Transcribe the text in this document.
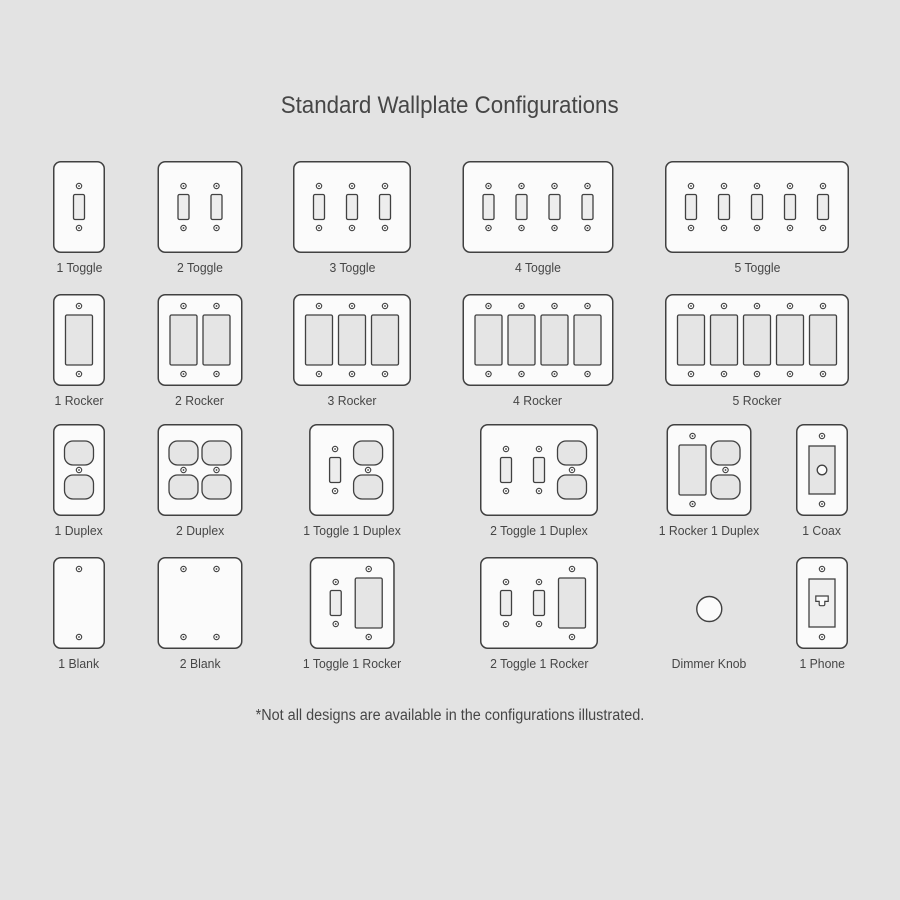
Standard Wallplate Configurations
1 Toggle	2 Toggle	3 Toggle	4 Toggle	5 Toggle
1 Rocker	2 Rocker	3 Rocker	4 Rocker	5 Rocker
1 Duplex	2 Duplex	1 Toggle 1 Duplex	2 Toggle 1 Duplex	1 Rocker 1 Duplex	1 Coax
1 Blank	2 Blank	1 Toggle 1 Rocker	2 Toggle 1 Rocker	Dimmer Knob	1 Phone
*Not all designs are available in the configurations illustrated.
